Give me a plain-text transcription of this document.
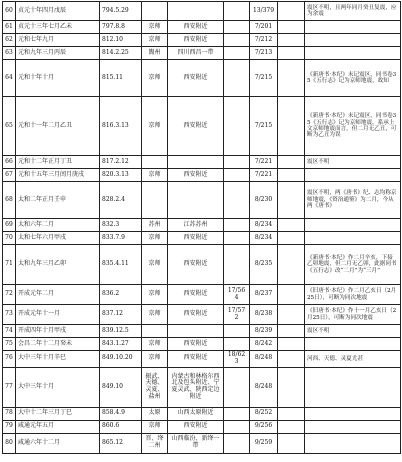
60	贞元十年四月戊辰	794.5.29				13/379		震区不明，且两年同月癸丑复震，应为余震
61	贞元十三年七月乙未	797.8.8	京师	西安附近		7/201		
62	元和七年九月	812.10	京师	西安附近		7/212		
63	元和九年三月丙辰	814.2.25	巂州	四川西昌一带		7/213		
64	元和十年十月	815.11	京师	西安附近		7/215		《新唐书·本纪》未记震区，同书卷35《五行志》记为京师地震，故知
65	元和十一年二月乙丑	816.3.13	京师	西安附近		7/215		《新唐书·本纪》未记震区，同书卷35《五行志》记为京师地震，系承上文京师地震而言，但二月无乙丑，可断为乙丑为误
66	元和十二年正月丁丑	817.2.12				7/221		震区不明
67	元和十五年三月闰月庚戌	820.3.13	京师	西安附近		7/221		
68	太和二年正月壬申	828.2.4				8/230		震区不明，两《唐书》纪、志均称京师地震，《资治通鉴》为二月，今从两《唐书》
69	太和六年二月	832.3	苏州	江苏苏州		8/234		
70	太和七年六月甲戌	833.7.9	京师	西安附近		8/234		
71	太和九年三月乙卯	835.4.11	京师	西安附近		8/235		《新唐书·本纪》作二月辛亥，下接乙卯地震，但二月无乙卯，此据同书《五行志》改“二月”为“三月”
72	开成元年二月	836.2	京师	西安附近	17/564	8/237		《旧唐书·本纪》作二月乙亥日（2月25日），可断为同次地震
73	开成元年十一月	837.12	京师	西安附近	17/572	8/238		《旧唐书·本纪》作十一月乙亥日（2月25日），可断为同次地震
74	开成四年十月甲戌	839.12.5				8/239		震区不明
75	会昌二年十二月癸未	843.1.27	京师	西安附近		8/242		
76	大中三年十月辛巳	849.10.20	京师	西安附近	18/623	8/248		河西、天德、灵夏尤甚
77	大中三年十月	849.10	振武、天德、灵夏、盐州	内蒙古和林格尔西北及包头附近、宁夏灵武、陕西定边附近		8/248		
78	大中十二年三月丁巳	858.4.9	太原	山西太原附近		8/252		
79	咸通元年五月	860.6	京师	西安附近		9/256		
80	咸通六年十二月	865.12	晋、绛二州	山西临汾、新绛一带		9/259		
